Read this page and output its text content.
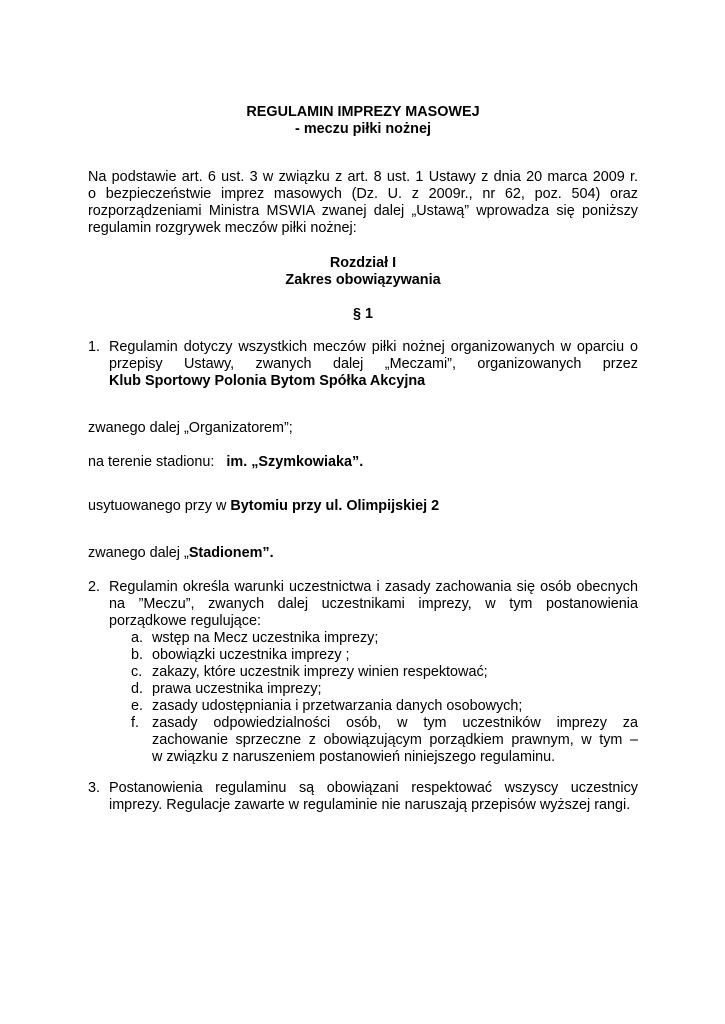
REGULAMIN IMPREZY MASOWEJ
- meczu piłki nożnej
Na podstawie art. 6 ust. 3 w związku z art. 8 ust. 1 Ustawy z dnia 20 marca 2009 r.
o bezpieczeństwie imprez masowych (Dz. U. z 2009r., nr 62, poz. 504) oraz
rozporządzeniami Ministra MSWIA zwanej dalej „Ustawą” wprowadza się poniższy
regulamin rozgrywek meczów piłki nożnej:
Rozdział I
Zakres obowiązywania
§ 1
1. Regulamin dotyczy wszystkich meczów piłki nożnej organizowanych w oparciu o
przepisy Ustawy, zwanych dalej „Meczami”, organizowanych przez
Klub Sportowy Polonia Bytom Spółka Akcyjna
zwanego dalej „Organizatorem”;
na terenie stadionu: im. „Szymkowiaka”.
usytuowanego przy w Bytomiu przy ul. Olimpijskiej 2
zwanego dalej „Stadionem”.
2. Regulamin określa warunki uczestnictwa i zasady zachowania się osób obecnych
na ”Meczu”, zwanych dalej uczestnikami imprezy, w tym postanowienia
porządkowe regulujące:
a. wstęp na Mecz uczestnika imprezy;
b. obowiązki uczestnika imprezy ;
c. zakazy, które uczestnik imprezy winien respektować;
d. prawa uczestnika imprezy;
e. zasady udostępniania i przetwarzania danych osobowych;
f. zasady odpowiedzialności osób, w tym uczestników imprezy za
zachowanie sprzeczne z obowiązującym porządkiem prawnym, w tym –
w związku z naruszeniem postanowień niniejszego regulaminu.
3. Postanowienia regulaminu są obowiązani respektować wszyscy uczestnicy
imprezy. Regulacje zawarte w regulaminie nie naruszają przepisów wyższej rangi.
